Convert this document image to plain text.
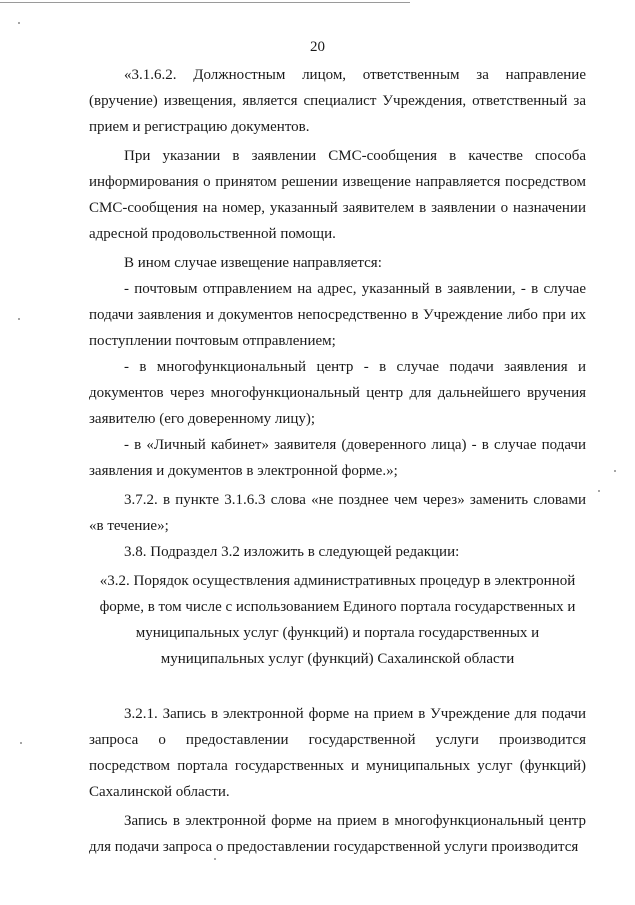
20

«3.1.6.2. Должностным лицом, ответственным за направление (вручение) извещения, является специалист Учреждения, ответственный за прием и регистрацию документов.

При указании в заявлении СМС-сообщения в качестве способа информирования о принятом решении извещение направляется посредством СМС-сообщения на номер, указанный заявителем в заявлении о назначении адресной продовольственной помощи.

В ином случае извещение направляется:

- почтовым отправлением на адрес, указанный в заявлении, - в случае подачи заявления и документов непосредственно в Учреждение либо при их поступлении почтовым отправлением;

- в многофункциональный центр - в случае подачи заявления и документов через многофункциональный центр для дальнейшего вручения заявителю (его доверенному лицу);

- в «Личный кабинет» заявителя (доверенного лица) - в случае подачи заявления и документов в электронной форме.»;

3.7.2. в пункте 3.1.6.3 слова «не позднее чем через» заменить словами «в течение»;

3.8. Подраздел 3.2 изложить в следующей редакции:

«3.2. Порядок осуществления административных процедур в электронной форме, в том числе с использованием Единого портала государственных и муниципальных услуг (функций) и портала государственных и муниципальных услуг (функций) Сахалинской области

3.2.1. Запись в электронной форме на прием в Учреждение для подачи запроса о предоставлении государственной услуги производится посредством портала государственных и муниципальных услуг (функций) Сахалинской области.

Запись в электронной форме на прием в многофункциональный центр для подачи запроса о предоставлении государственной услуги производится
